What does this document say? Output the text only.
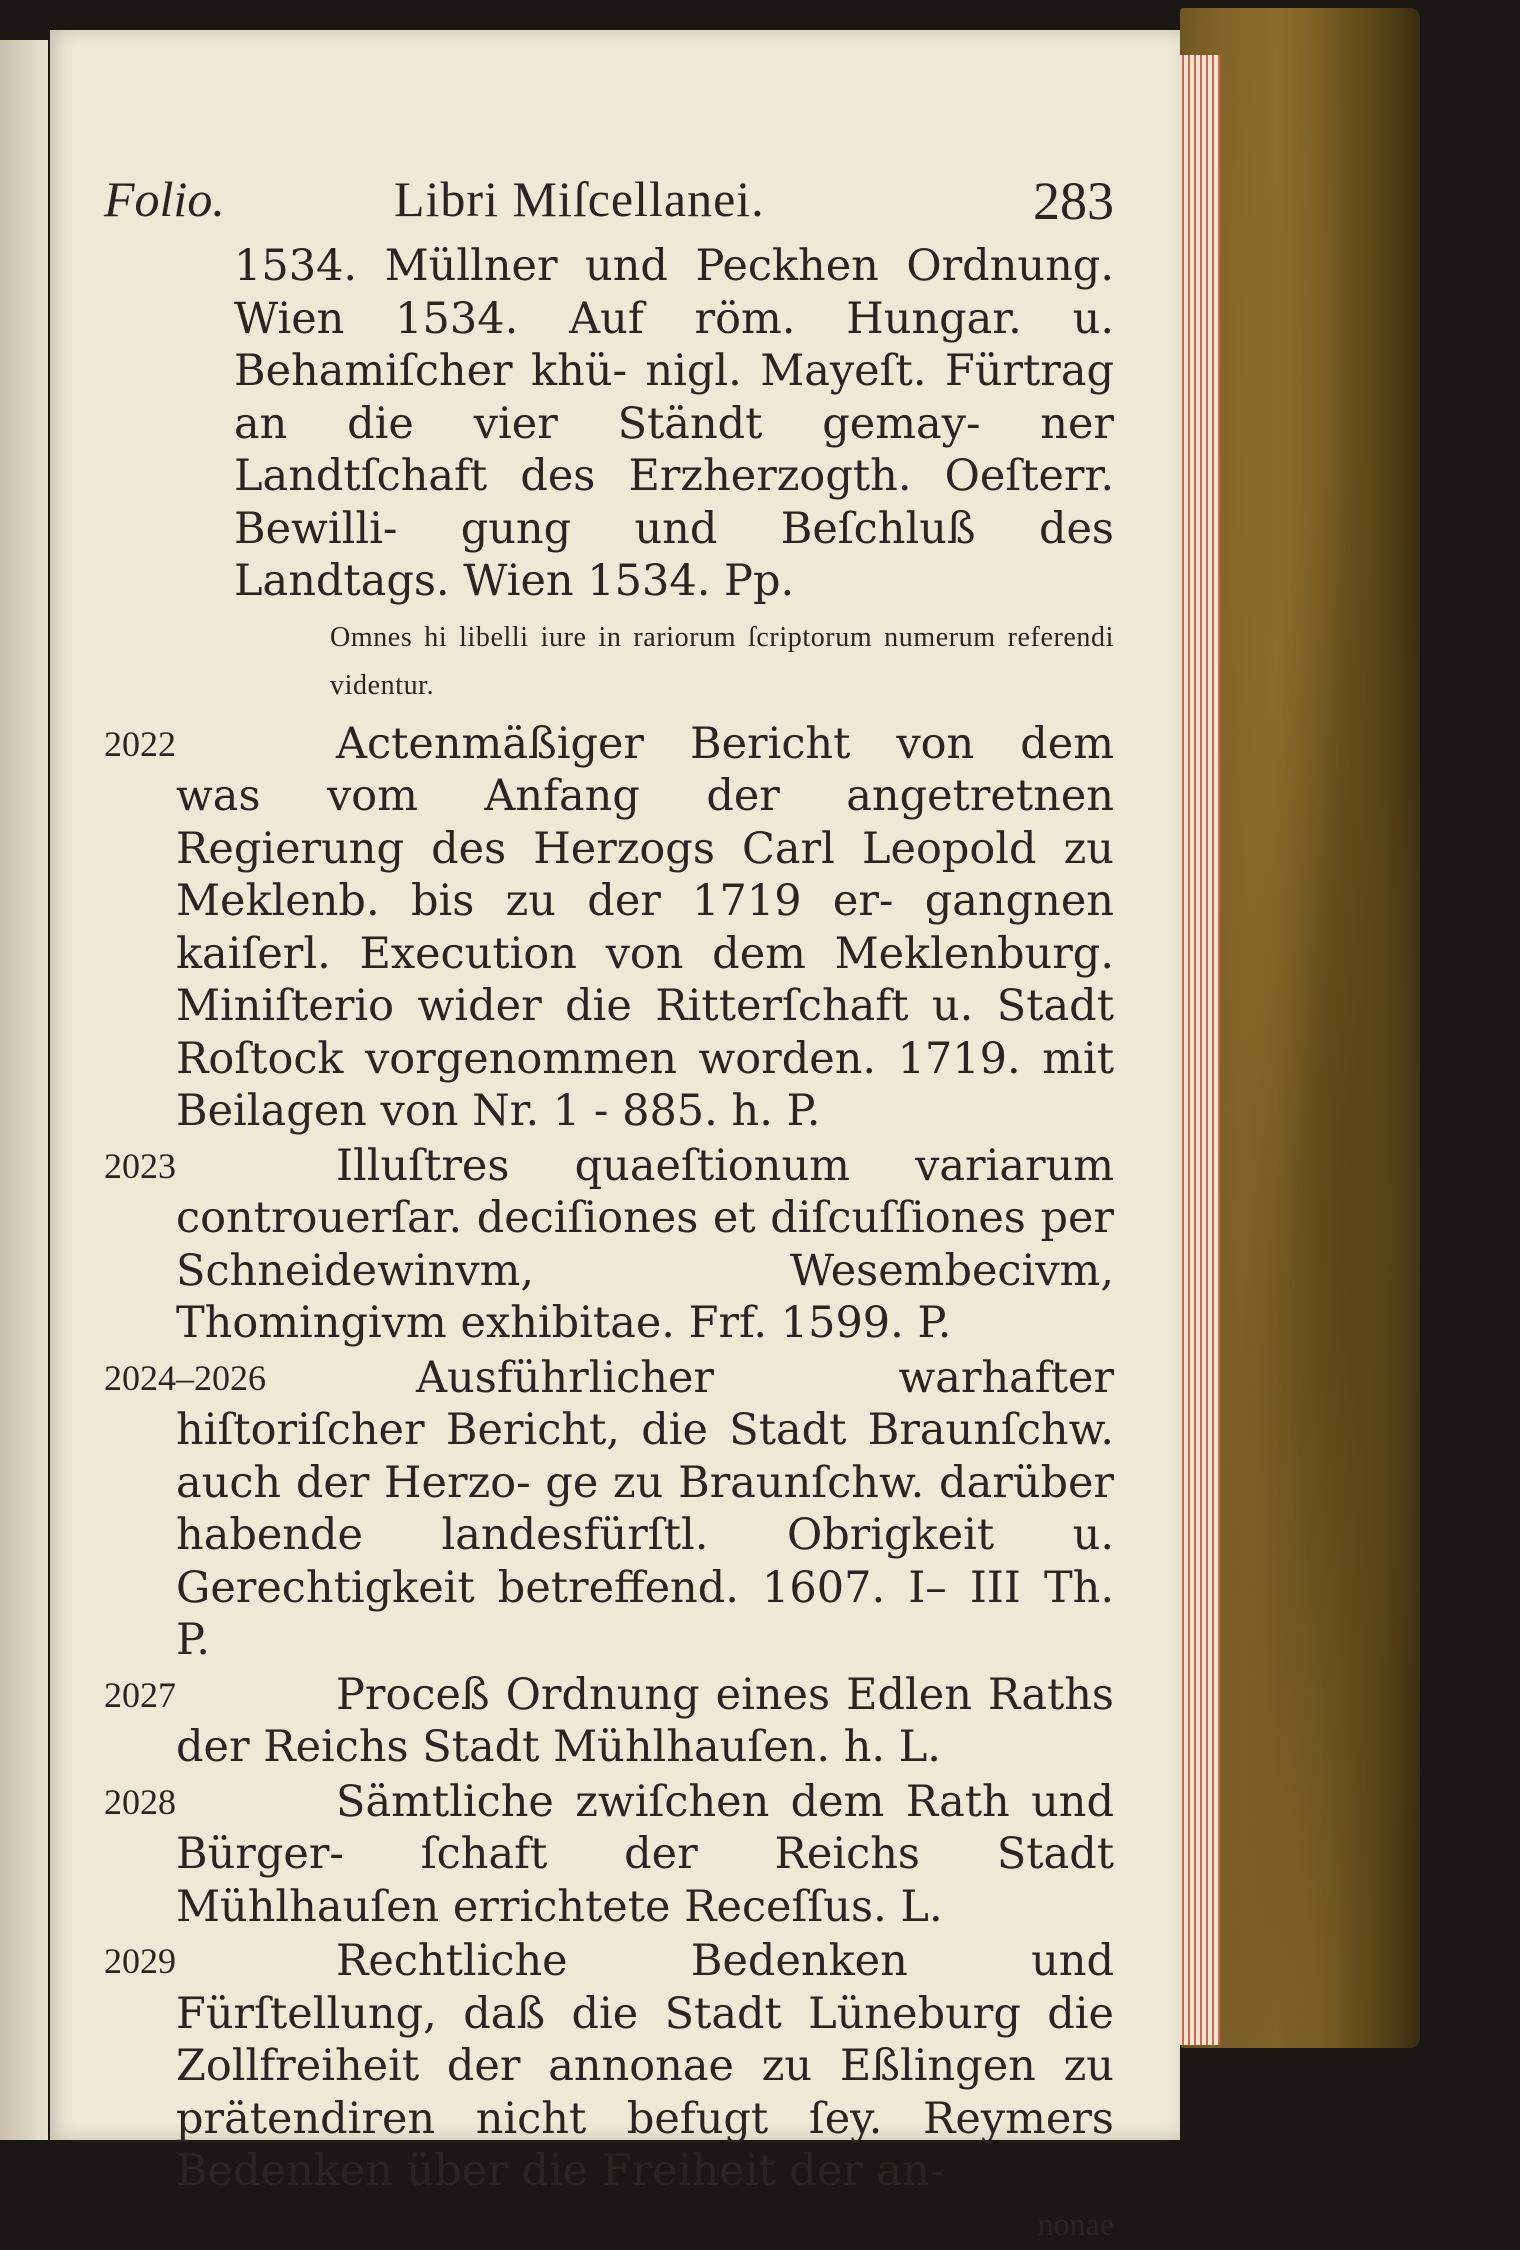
Folio.	Libri Miſcellanei.	283
1534. Müllner und Peckhen Ordnung. Wien 1534. Auf röm. Hungar. u. Behamiſcher khü- nigl. Mayeſt. Fürtrag an die vier Ständt gemay- ner Landtſchaft des Erzherzogth. Oeſterr. Bewilli- gung und Beſchluß des Landtags. Wien 1534. Pp.
Omnes hi libelli iure in rariorum ſcriptorum numerum referendi videntur.
2022	Actenmäßiger Bericht von dem was vom Anfang der angetretnen Regierung des Herzogs Carl Leopold zu Meklenb. bis zu der 1719 er- gangnen kaiſerl. Execution von dem Meklenburg. Miniſterio wider die Ritterſchaft u. Stadt Roſtock vorgenommen worden. 1719. mit Beilagen von Nr. 1 - 885. h. P.
2023	Illuſtres quaeſtionum variarum controuerſar. deciſiones et diſcuſſiones per Schneidewinvm, Wesembecivm, Thomingivm exhibitae. Frf. 1599. P.
2024–2026	Ausführlicher warhafter hiſtoriſcher Bericht, die Stadt Braunſchw. auch der Herzo- ge zu Braunſchw. darüber habende landesfürſtl. Obrigkeit u. Gerechtigkeit betreffend. 1607. I– III Th. P.
2027	Proceß Ordnung eines Edlen Raths der Reichs Stadt Mühlhauſen. h. L.
2028	Sämtliche zwiſchen dem Rath und Bürger- ſchaft der Reichs Stadt Mühlhauſen errichtete Receſſus. L.
2029	Rechtliche Bedenken und Fürſtellung, daß die Stadt Lüneburg die Zollfreiheit der annonae zu Eßlingen zu prätendiren nicht befugt ſey. Reymers Bedenken über die Freiheit der an-
nonae
